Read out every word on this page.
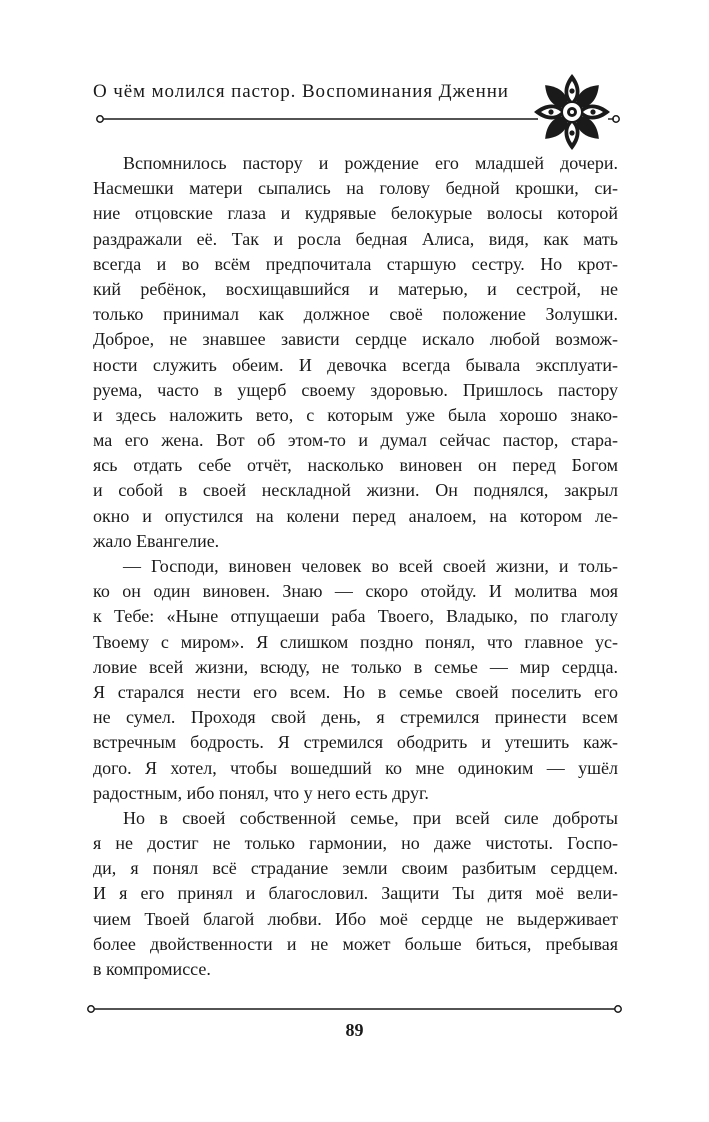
О чём молился пастор. Воспоминания Дженни
Вспомнилось пастору и рождение его младшей дочери.
Насмешки матери сыпались на голову бедной крошки, си-
ние отцовские глаза и кудрявые белокурые волосы которой
раздражали её. Так и росла бедная Алиса, видя, как мать
всегда и во всём предпочитала старшую сестру. Но крот-
кий ребёнок, восхищавшийся и матерью, и сестрой, не
только принимал как должное своё положение Золушки.
Доброе, не знавшее зависти сердце искало любой возмож-
ности служить обеим. И девочка всегда бывала эксплуати-
руема, часто в ущерб своему здоровью. Пришлось пастору
и здесь наложить вето, с которым уже была хорошо знако-
ма его жена. Вот об этом-то и думал сейчас пастор, стара-
ясь отдать себе отчёт, насколько виновен он перед Богом
и собой в своей нескладной жизни. Он поднялся, закрыл
окно и опустился на колени перед аналоем, на котором ле-
жало Евангелие.
— Господи, виновен человек во всей своей жизни, и толь-
ко он один виновен. Знаю — скоро отойду. И молитва моя
к Тебе: «Ныне отпущаеши раба Твоего, Владыко, по глаголу
Твоему с миром». Я слишком поздно понял, что главное ус-
ловие всей жизни, всюду, не только в семье — мир сердца.
Я старался нести его всем. Но в семье своей поселить его
не сумел. Проходя свой день, я стремился принести всем
встречным бодрость. Я стремился ободрить и утешить каж-
дого. Я хотел, чтобы вошедший ко мне одиноким — ушёл
радостным, ибо понял, что у него есть друг.
Но в своей собственной семье, при всей силе доброты
я не достиг не только гармонии, но даже чистоты. Госпо-
ди, я понял всё страдание земли своим разбитым сердцем.
И я его принял и благословил. Защити Ты дитя моё вели-
чием Твоей благой любви. Ибо моё сердце не выдерживает
более двойственности и не может больше биться, пребывая
в компромиссе.
89
